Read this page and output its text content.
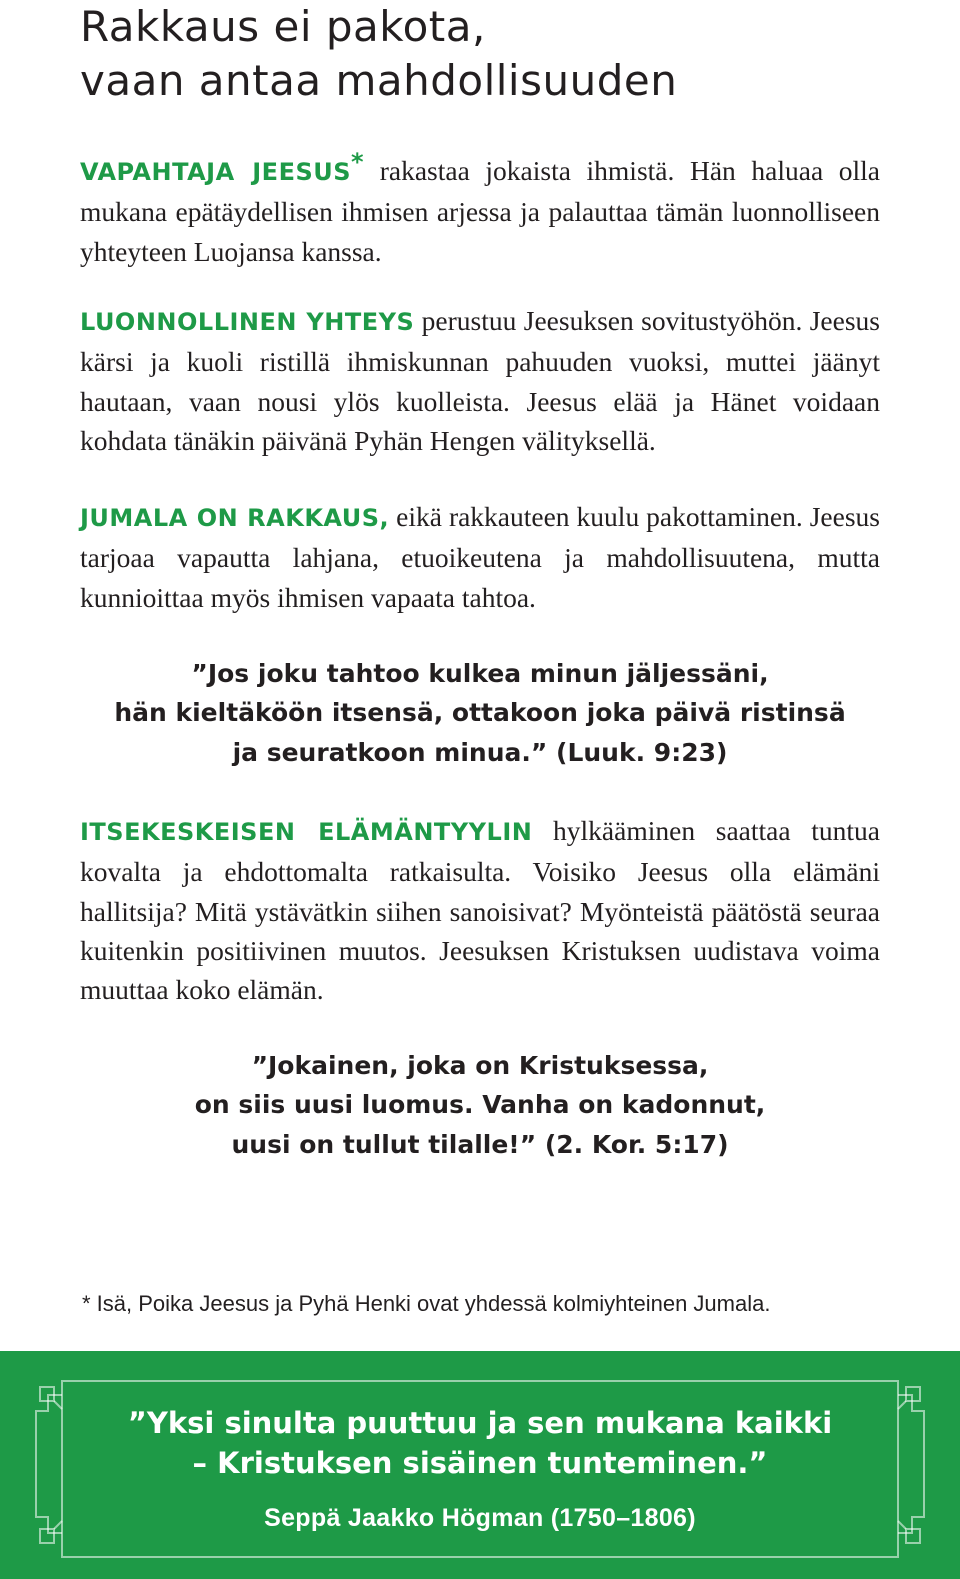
Rakkaus ei pakota,
vaan antaa mahdollisuuden

VAPAHTAJA JEESUS* rakastaa jokaista ihmistä. Hän haluaa olla mukana epätäydellisen ihmisen arjessa ja palauttaa tämän luonnolliseen yhteyteen Luojansa kanssa.

LUONNOLLINEN YHTEYS perustuu Jeesuksen sovitustyöhön. Jeesus kärsi ja kuoli ristillä ihmiskunnan pahuuden vuoksi, muttei jäänyt hautaan, vaan nousi ylös kuolleista. Jeesus elää ja Hänet voidaan kohdata tänäkin päivänä Pyhän Hengen välityksellä.

JUMALA ON RAKKAUS, eikä rakkauteen kuulu pakottaminen. Jeesus tarjoaa vapautta lahjana, etuoikeutena ja mahdollisuutena, mutta kunnioittaa myös ihmisen vapaata tahtoa.

”Jos joku tahtoo kulkea minun jäljessäni,
hän kieltäköön itsensä, ottakoon joka päivä ristinsä
ja seuratkoon minua.” (Luuk. 9:23)

ITSEKESKEISEN ELÄMÄNTYYLIN hylkääminen saattaa tuntua kovalta ja ehdottomalta ratkaisulta. Voisiko Jeesus olla elämäni hallitsija? Mitä ystävätkin siihen sanoisivat? Myönteistä päätöstä seuraa kuitenkin positiivinen muutos. Jeesuksen Kristuksen uudistava voima muuttaa koko elämän.

”Jokainen, joka on Kristuksessa,
on siis uusi luomus. Vanha on kadonnut,
uusi on tullut tilalle!” (2. Kor. 5:17)

* Isä, Poika Jeesus ja Pyhä Henki ovat yhdessä kolmiyhteinen Jumala.

”Yksi sinulta puuttuu ja sen mukana kaikki
– Kristuksen sisäinen tunteminen.”
Seppä Jaakko Högman (1750–1806)
